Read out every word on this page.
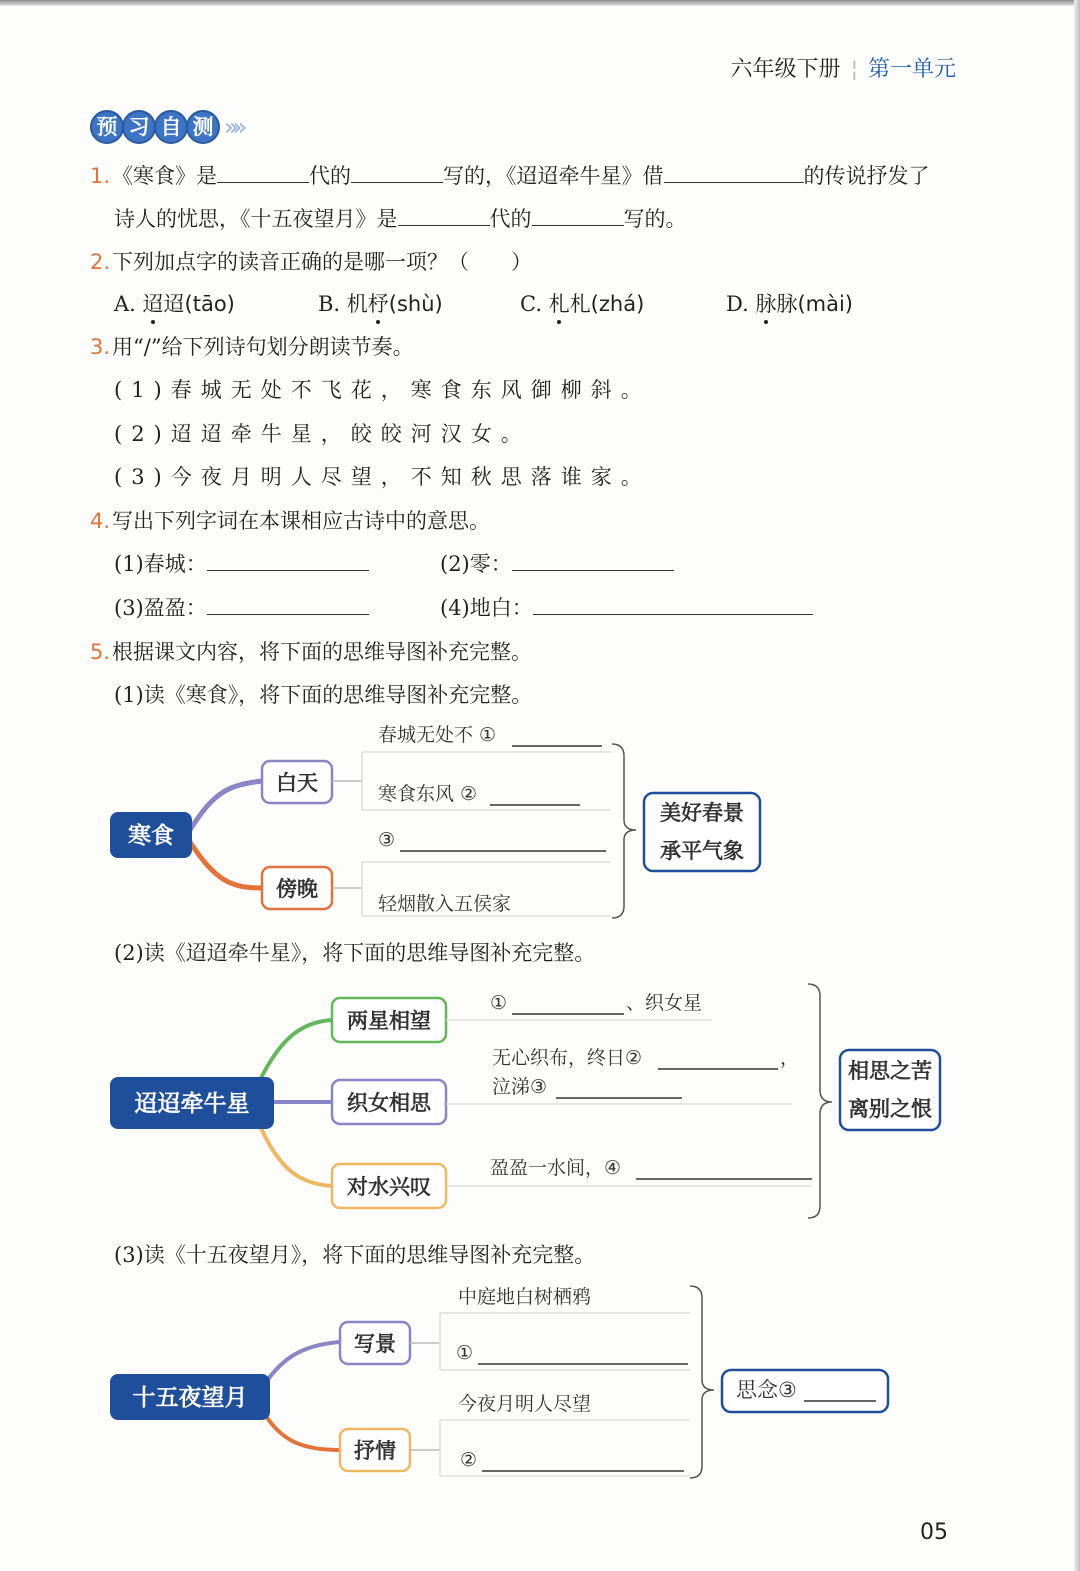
六年级下册 ¦ 第一单元
预 习 自 测 »»
1.《寒食》是	代的	写的，《迢迢牵牛星》借	的传说抒发了
诗人的忧思，《十五夜望月》是	代的	写的。
2.下列加点字的读音正确的是哪一项？（　　）
A. 迢迢(tāo)	B. 机杼(shù)	C. 札札(zhá)	D. 脉脉(mài)
3.用“/”给下列诗句划分朗读节奏。
(1)春城无处不飞花，寒食东风御柳斜。
(2)迢迢牵牛星，皎皎河汉女。
(3)今夜月明人尽望，不知秋思落谁家。
4.写出下列字词在本课相应古诗中的意思。
(1)春城：	(2)零：
(3)盈盈：	(4)地白：
5.根据课文内容，将下面的思维导图补充完整。
(1)读《寒食》，将下面的思维导图补充完整。
(2)读《迢迢牵牛星》，将下面的思维导图补充完整。
(3)读《十五夜望月》，将下面的思维导图补充完整。
寒食
白天
傍晚
春城无处不 ①
寒食东风 ②
③
轻烟散入五侯家
美好春景
承平气象
迢迢牵牛星
两星相望
织女相思
对水兴叹
①	、织女星
无心织布，终日②	，
泣涕③
盈盈一水间，④
相思之苦
离别之恨
十五夜望月
写景
抒情
中庭地白树栖鸦
①
今夜月明人尽望
②
思念③
05
